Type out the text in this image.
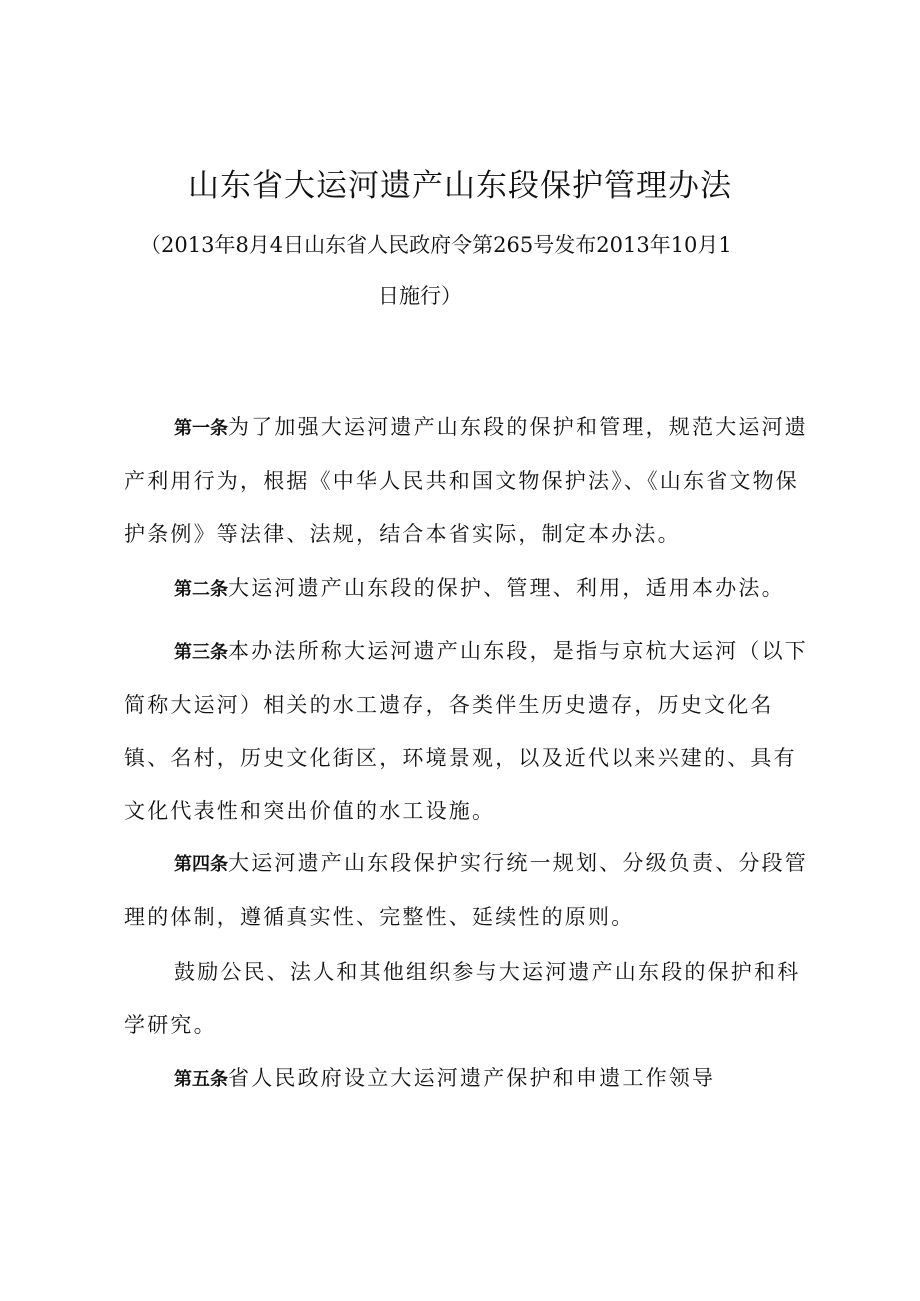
山东省大运河遗产山东段保护管理办法
（2013年8月4日山东省人民政府令第265号发布2013年10月1
日施行）

第一条为了加强大运河遗产山东段的保护和管理，规范大运河遗产利用行为，根据《中华人民共和国文物保护法》、《山东省文物保护条例》等法律、法规，结合本省实际，制定本办法。

第二条大运河遗产山东段的保护、管理、利用，适用本办法。

第三条本办法所称大运河遗产山东段，是指与京杭大运河（以下简称大运河）相关的水工遗存，各类伴生历史遗存，历史文化名镇、名村，历史文化街区，环境景观，以及近代以来兴建的、具有文化代表性和突出价值的水工设施。

第四条大运河遗产山东段保护实行统一规划、分级负责、分段管理的体制，遵循真实性、完整性、延续性的原则。

鼓励公民、法人和其他组织参与大运河遗产山东段的保护和科学研究。

第五条省人民政府设立大运河遗产保护和申遗工作领导
